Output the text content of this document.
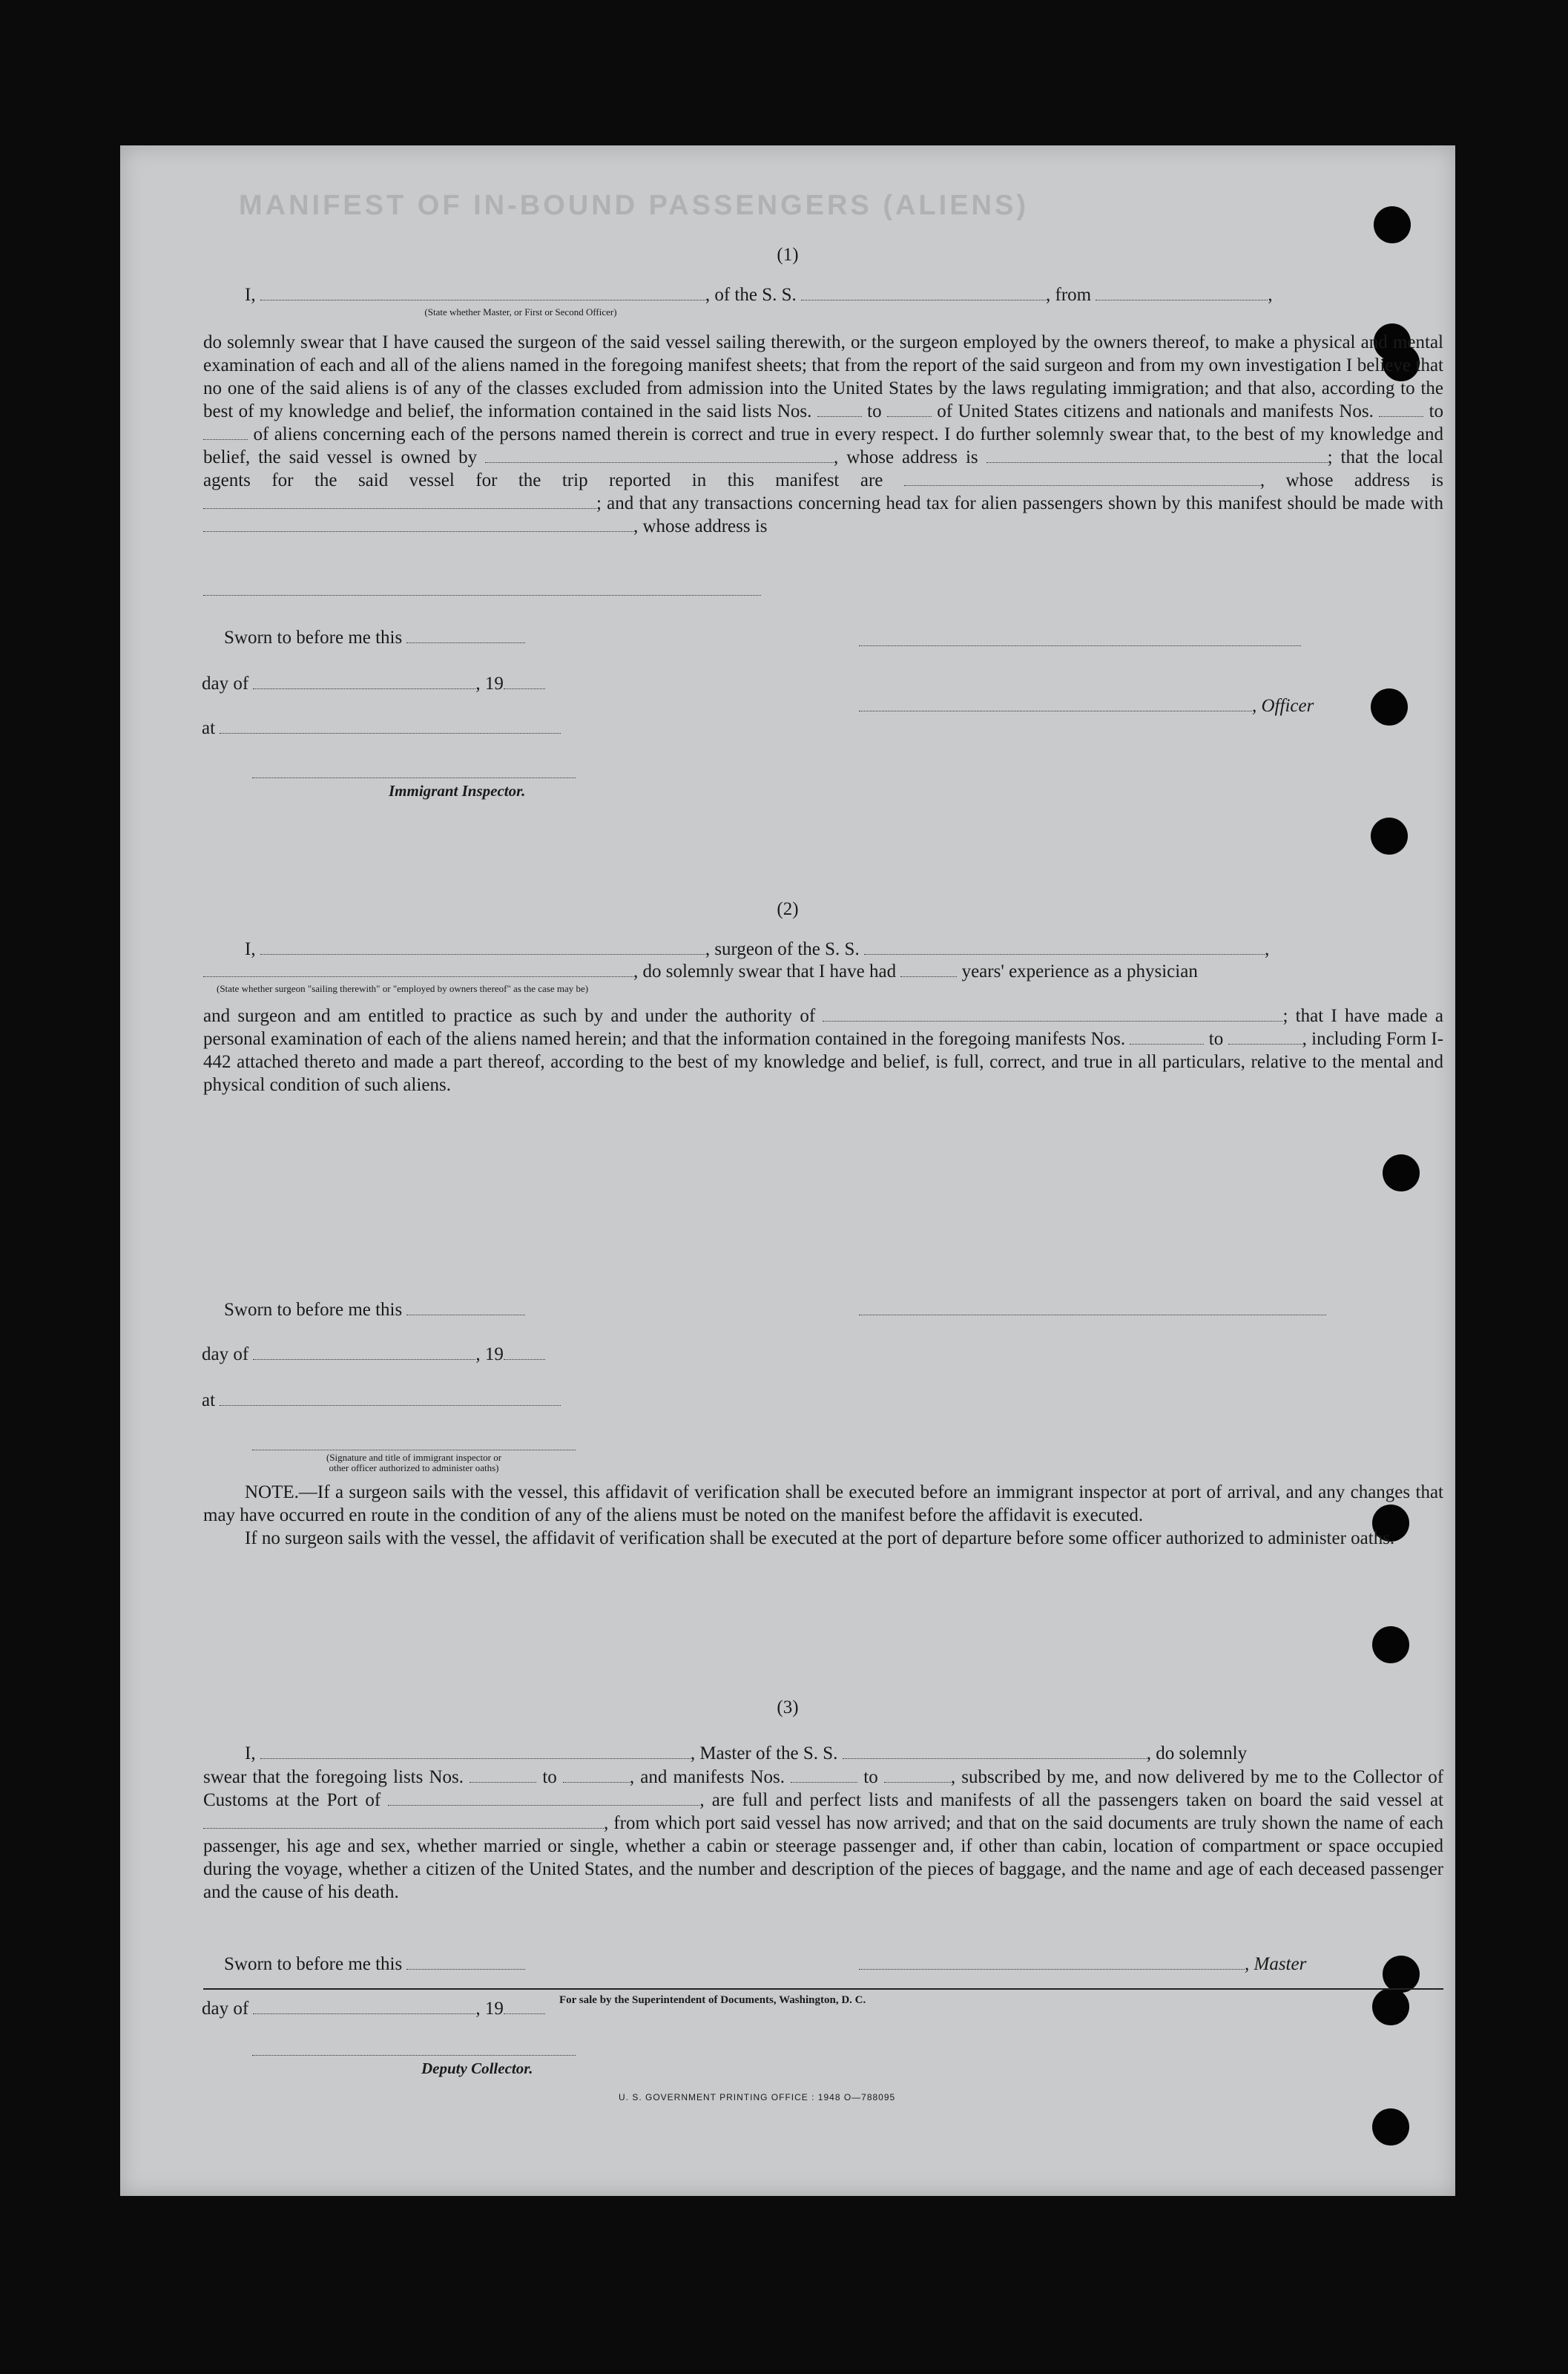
MANIFEST OF IN-BOUND PASSENGERS (ALIENS)
(1)
I,	, of the S. S.	, from	,
(State whether Master, or First or Second Officer)

do solemnly swear that I have caused the surgeon of the said vessel sailing therewith, or the surgeon employed by the owners thereof, to make a physical and mental examination of each and all of the aliens named in the foregoing manifest sheets; that from the report of the said surgeon and from my own investigation I believe that no one of the said aliens is of any of the classes excluded from admission into the United States by the laws regulating immigration; and that also, according to the best of my knowledge and belief, the information contained in the said lists Nos.	to	of United States citizens and nationals and manifests Nos.	to  of aliens concerning each of the persons named therein is correct and true in every respect. I do further solemnly swear that, to the best of my knowledge and belief, the said vessel is owned by	, whose address is	; that the local agents for the said vessel for the trip reported in this manifest are	, whose address is ; and that any transactions concerning head tax for alien passengers shown by this manifest should be made with , whose address is

Sworn to before me this
day of	, 19
, Officer
at
Immigrant Inspector.
(2)
I,	, surgeon of the S. S.	,
, do solemnly swear that I have had	years' experience as a physician
(State whether surgeon "sailing therewith" or "employed by owners thereof" as the case may be)

and surgeon and am entitled to practice as such by and under the authority of	; that I have made a personal examination of each of the aliens named herein; and that the information contained in the foregoing manifests Nos.	to	, including Form I-442 attached thereto and made a part thereof, according to the best of my knowledge and belief, is full, correct, and true in all particulars, relative to the mental and physical condition of such aliens.

Sworn to before me this
day of	, 19
at
(Signature and title of immigrant inspector or
other officer authorized to administer oaths)

NOTE.—If a surgeon sails with the vessel, this affidavit of verification shall be executed before an immigrant inspector at port of arrival, and any changes that may have occurred en route in the condition of any of the aliens must be noted on the manifest before the affidavit is executed.

If no surgeon sails with the vessel, the affidavit of verification shall be executed at the port of departure before some officer authorized to administer oaths.

(3)
I,	, Master of the S. S.	, do solemnly

swear that the foregoing lists Nos.	to	, and manifests Nos.	to	, subscribed by me, and now delivered by me to the Collector of Customs at the Port of	, are full and perfect lists and manifests of all the passengers taken on board the said vessel at , from which port said vessel has now arrived; and that on the said documents are truly shown the name of each passenger, his age and sex, whether married or single, whether a cabin or steerage passenger and, if other than cabin, location of compartment or space occupied during the voyage, whether a citizen of the United States, and the number and description of the pieces of baggage, and the name and age of each deceased passenger and the cause of his death.

Sworn to before me this	, Master
day of	, 19
Deputy Collector.
U. S. GOVERNMENT PRINTING OFFICE : 1948 O—788095
For sale by the Superintendent of Documents, Washington, D. C.
